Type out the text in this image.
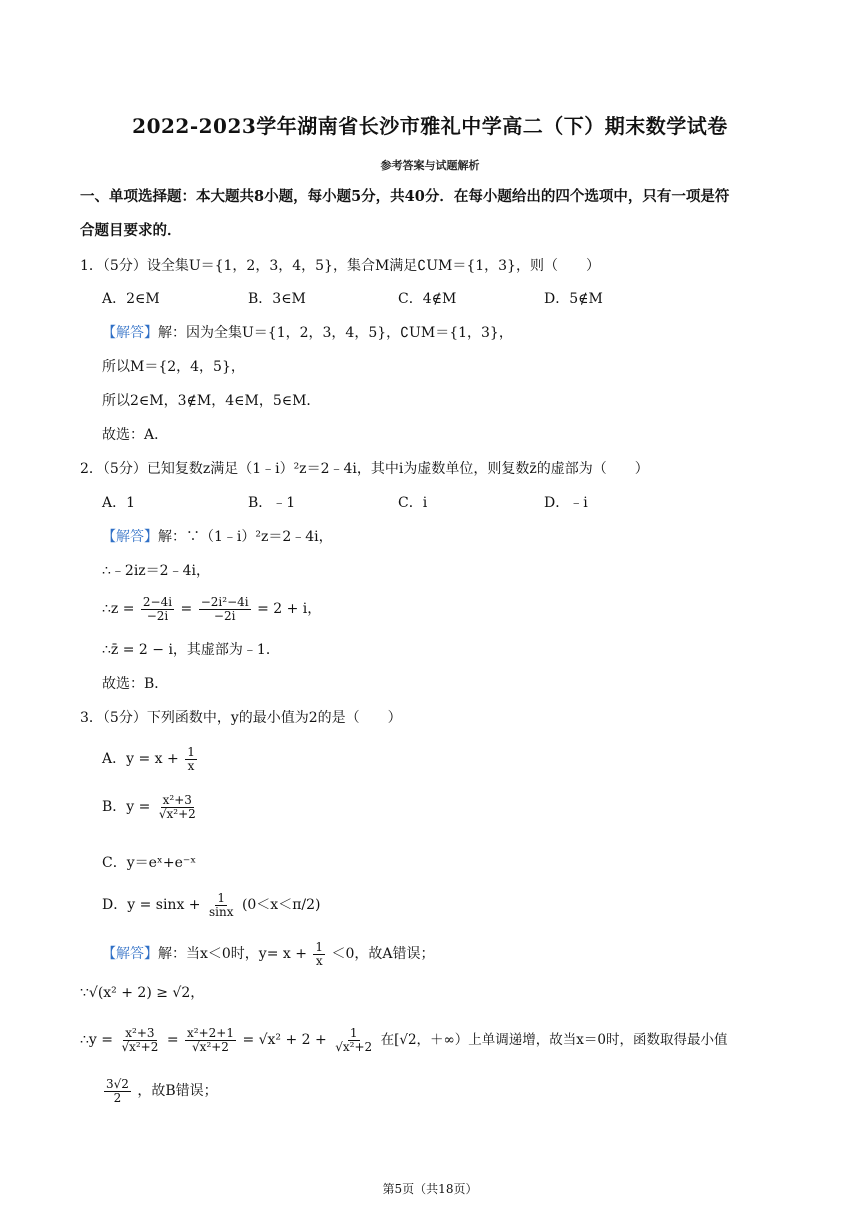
2022-2023学年湖南省长沙市雅礼中学高二（下）期末数学试卷
参考答案与试题解析
一、单项选择题：本大题共8小题，每小题5分，共40分．在每小题给出的四个选项中，只有一项是符
合题目要求的．
1．（5分）设全集U＝{1，2，3，4，5}，集合M满足∁UM＝{1，3}，则（　　）
A．2∈M	B．3∈M	C．4∉M	D．5∉M
【解答】解：因为全集U＝{1，2，3，4，5}，∁UM＝{1，3}，
所以M＝{2，4，5}，
所以2∈M，3∉M，4∈M，5∈M．
故选：A．
2．（5分）已知复数z满足（1﹣i）²z＝2﹣4i，其中i为虚数单位，则复数z̄的虚部为（　　）
A．1	B．﹣1	C．i	D．﹣i
【解答】解：∵（1﹣i）²z＝2﹣4i，
∴﹣2iz＝2﹣4i，
∴z = $\frac{2-4i}{-2i} = \frac{\text{−2i²−4i}}{-2i} = 2 + i$，
∴z̄ = 2 − i，其虚部为﹣1．
故选：B．
3．（5分）下列函数中，y的最小值为2的是（　　）
A．$y = x + \frac{1}{x}$
B．$y = \frac{\text{x²+3}}{\text{√x²+2}}$
C．y＝eˣ+e⁻ˣ
D．$y = \sin x + \frac{1}{\sin x} (0<x<\pi/2)$
【解答】解：当x＜0时，$y= x + \frac{1}{x} <0$，故A错误；
∵√(x² + 2) ≥ √2，
∴y = $\frac{\text{x²+3}}{\text{√x²+2}} = \frac{\text{x²+2+1}}{\text{√x²+2}} = √x^2 + 2 + \frac{1}{\text{√x²+2}}$ 在[√2，＋∞）上单调递增，故当x＝0时，函数取得最小值
$\frac{3√2}{2}$ ，故B错误；
第5页（共18页）
